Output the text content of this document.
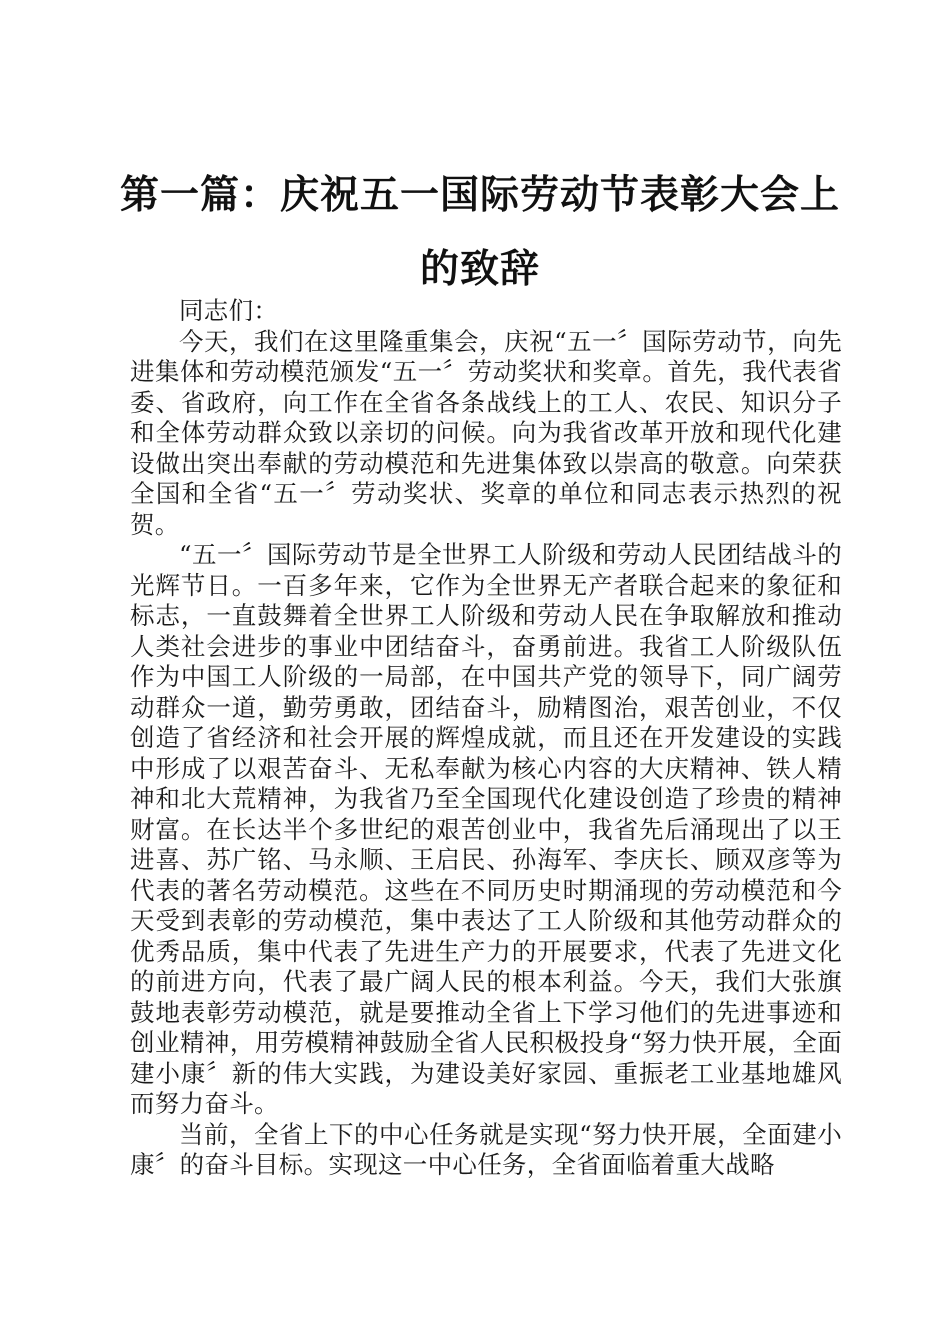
第一篇：庆祝五一国际劳动节表彰大会上的致辞

同志们：

今天，我们在这里隆重集会，庆祝“五一〞国际劳动节，向先进集体和劳动模范颁发“五一〞劳动奖状和奖章。首先，我代表省委、省政府，向工作在全省各条战线上的工人、农民、知识分子和全体劳动群众致以亲切的问候。向为我省改革开放和现代化建设做出突出奉献的劳动模范和先进集体致以崇高的敬意。向荣获全国和全省“五一〞劳动奖状、奖章的单位和同志表示热烈的祝贺。

“五一〞国际劳动节是全世界工人阶级和劳动人民团结战斗的光辉节日。一百多年来，它作为全世界无产者联合起来的象征和标志，一直鼓舞着全世界工人阶级和劳动人民在争取解放和推动人类社会进步的事业中团结奋斗，奋勇前进。我省工人阶级队伍作为中国工人阶级的一局部，在中国共产党的领导下，同广阔劳动群众一道，勤劳勇敢，团结奋斗，励精图治，艰苦创业，不仅创造了省经济和社会开展的辉煌成就，而且还在开发建设的实践中形成了以艰苦奋斗、无私奉献为核心内容的大庆精神、铁人精神和北大荒精神，为我省乃至全国现代化建设创造了珍贵的精神财富。在长达半个多世纪的艰苦创业中，我省先后涌现出了以王进喜、苏广铭、马永顺、王启民、孙海军、李庆长、顾双彦等为代表的著名劳动模范。这些在不同历史时期涌现的劳动模范和今天受到表彰的劳动模范，集中表达了工人阶级和其他劳动群众的优秀品质，集中代表了先进生产力的开展要求，代表了先进文化的前进方向，代表了最广阔人民的根本利益。今天，我们大张旗鼓地表彰劳动模范，就是要推动全省上下学习他们的先进事迹和创业精神，用劳模精神鼓励全省人民积极投身“努力快开展，全面建小康〞新的伟大实践，为建设美好家园、重振老工业基地雄风而努力奋斗。

当前，全省上下的中心任务就是实现“努力快开展，全面建小康〞的奋斗目标。实现这一中心任务，全省面临着重大战略
